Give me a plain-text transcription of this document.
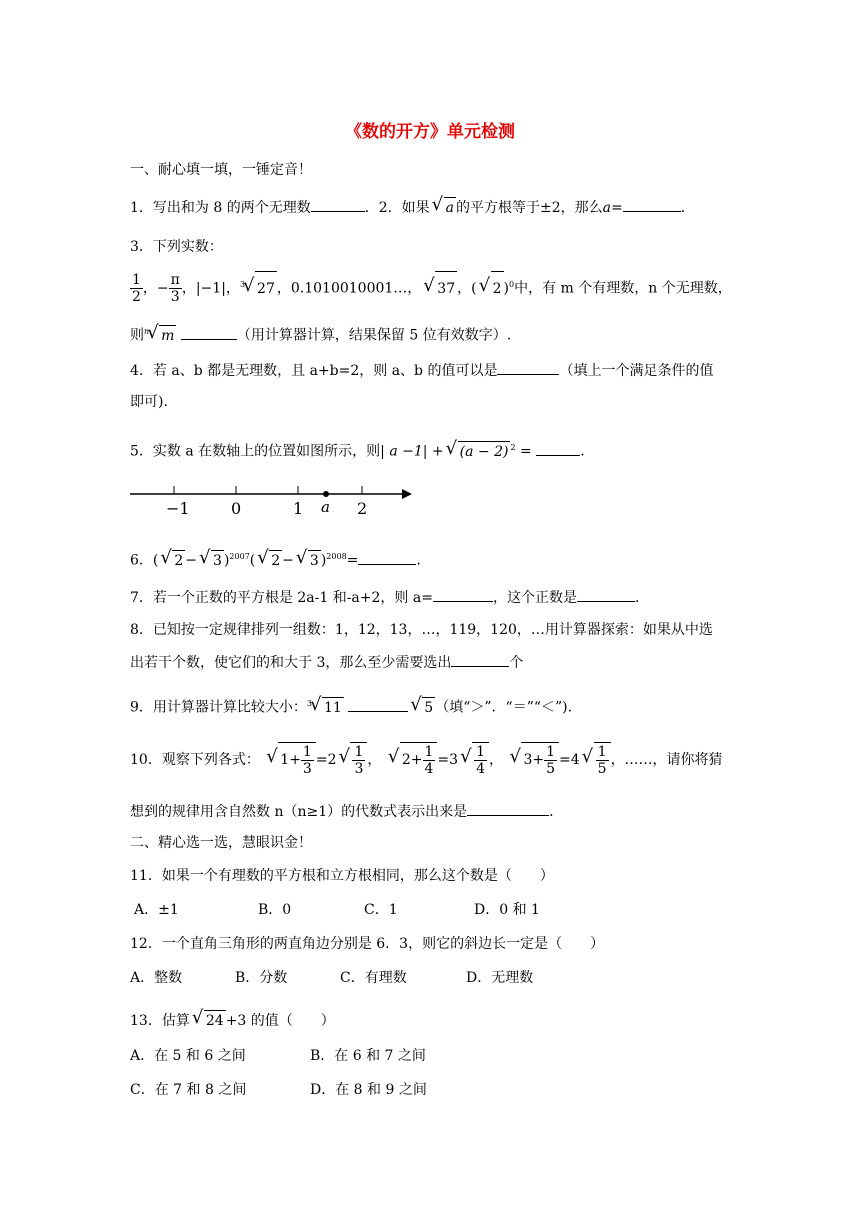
《数的开方》单元检测
一、耐心填一填，一锤定音！
1．写出和为 8 的两个无理数	．2．如果 √ a 的平方根等于±2，那么a=	．
3．下列实数：
$\frac{1}{2}$ ，− $\frac{\pi}{3}$ ，|−1|，$^3$ √ 27 ，0.1010010001…， √ 37 ，( √ 2 )$^0$中，有 m 个有理数，n 个无理数，
则$^n$ √ m	（用计算器计算，结果保留 5 位有效数字）.
4．若 a、b 都是无理数，且 a+b=2，则 a、b 的值可以是	（填上一个满足条件的值
即可).
5．实数 a 在数轴上的位置如图所示，则| a −1| + √ (a − 2) $^2$ =	.
−1	0	1 a 2
6．( √ 2 − √ 3 )$^{2007}$( √ 2 − √ 3 )$^{2008}$=	.
7．若一个正数的平方根是 2a-1 和-a+2，则 a=	，这个正数是	.
8．已知按一定规律排列一组数：1，12，13，…，119，120，…用计算器探索：如果从中选
出若干个数，使它们的和大于 3，那么至少需要选出	个
9．用计算器计算比较大小：$^3$ √ 11	√ 5 （填“＞”．“＝”“＜”).
10．观察下列各式： √ $1+ \frac{1}{3} =2$ √ $\frac{1}{3}$ ， √ $2+ \frac{1}{4} =3$ √ $\frac{1}{4}$ ， √ $3+ \frac{1}{5} =4$ √ $\frac{1}{5}$ ，……，请你将猜
想到的规律用含自然数 n（n≥1）的代数式表示出来是	.
二、精心选一选，慧眼识金！
11．如果一个有理数的平方根和立方根相同，那么这个数是（　　）
A．±1	B．0	C．1	D．0 和 1
12．一个直角三角形的两直角边分别是 6．3，则它的斜边长一定是（　　）
A．整数	B．分数	C．有理数	D．无理数
13．估算 √ 24 +3 的值（　　）
A．在 5 和 6 之间	B．在 6 和 7 之间
C．在 7 和 8 之间	D．在 8 和 9 之间
